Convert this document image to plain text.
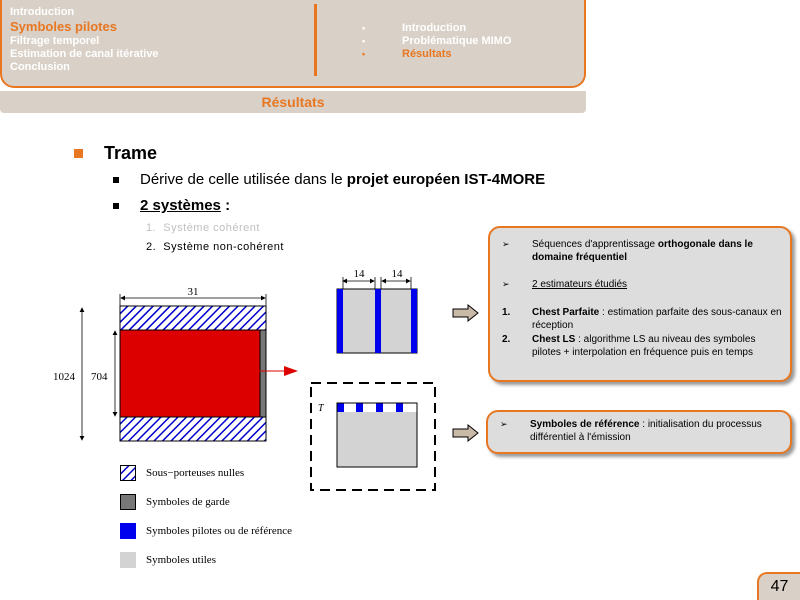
Introduction
Symboles pilotes
Filtrage temporel
Estimation de canal itérative
Conclusion
•	Introduction
•	Problématique MIMO
•	Résultats
Résultats
Trame
Dérive de celle utilisée dans le projet européen IST-4MORE
2 systèmes :
1.  Système cohérent
2.  Système non-cohérent
31
1024 704
14 14
T
➢	Séquences d'apprentissage orthogonale dans le domaine fréquentiel
➢	2 estimateurs étudiés
1.	Chest Parfaite : estimation parfaite des sous-canaux en réception
2.	Chest LS : algorithme LS au niveau des symboles pilotes + interpolation en fréquence puis en temps
➢	Symboles de référence : initialisation du processus différentiel à l'émission
Sous−porteuses nulles
Symboles de garde
Symboles pilotes ou de référence
Symboles utiles
47
